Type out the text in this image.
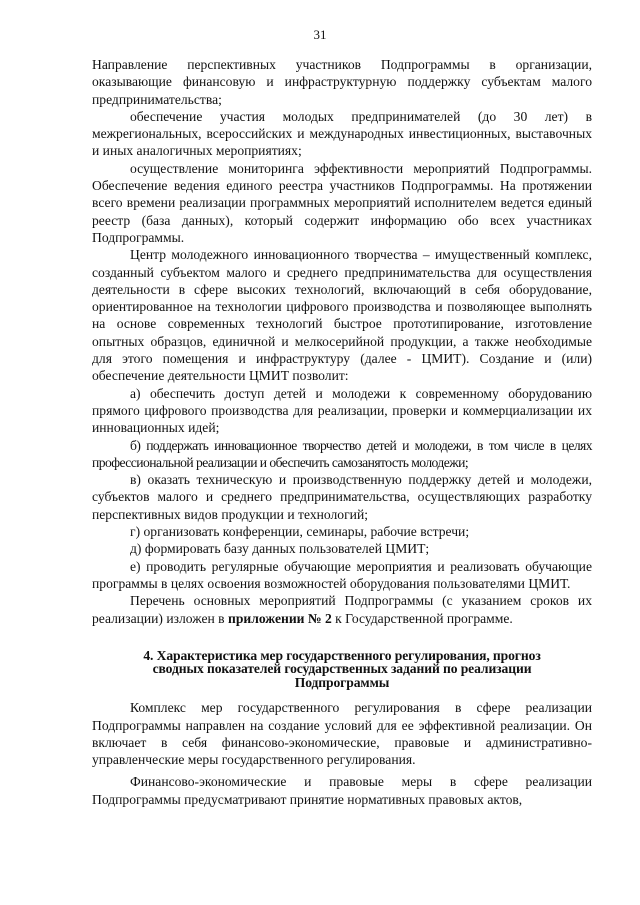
31

Направление перспективных участников Подпрограммы в организации, оказывающие финансовую и инфраструктурную поддержку субъектам малого предпринимательства;

обеспечение участия молодых предпринимателей (до 30 лет) в межрегиональных, всероссийских и международных инвестиционных, выставочных и иных аналогичных мероприятиях;

осуществление мониторинга эффективности мероприятий Подпрограммы. Обеспечение ведения единого реестра участников Подпрограммы. На протяжении всего времени реализации программных мероприятий исполнителем ведется единый реестр (база данных), который содержит информацию обо всех участниках Подпрограммы.

Центр молодежного инновационного творчества – имущественный комплекс, созданный субъектом малого и среднего предпринимательства для осуществления деятельности в сфере высоких технологий, включающий в себя оборудование, ориентированное на технологии цифрового производства и позволяющее выполнять на основе современных технологий быстрое прототипирование, изготовление опытных образцов, единичной и мелкосерийной продукции, а также необходимые для этого помещения и инфраструктуру (далее - ЦМИТ). Создание и (или) обеспечение деятельности ЦМИТ позволит:

а) обеспечить доступ детей и молодежи к современному оборудованию прямого цифрового производства для реализации, проверки и коммерциализации их инновационных идей;

б) поддержать инновационное творчество детей и молодежи, в том числе в целях профессиональной реализации и обеспечить самозанятость молодежи;

в) оказать техническую и производственную поддержку детей и молодежи, субъектов малого и среднего предпринимательства, осуществляющих разработку перспективных видов продукции и технологий;

г) организовать конференции, семинары, рабочие встречи;

д) формировать базу данных пользователей ЦМИТ;

е) проводить регулярные обучающие мероприятия и реализовать обучающие программы в целях освоения возможностей оборудования пользователями ЦМИТ.

Перечень основных мероприятий Подпрограммы (с указанием сроков их реализации) изложен в приложении № 2 к Государственной программе.

4. Характеристика мер государственного регулирования, прогноз
сводных показателей государственных заданий по реализации
Подпрограммы

Комплекс мер государственного регулирования в сфере реализации Подпрограммы направлен на создание условий для ее эффективной реализации. Он включает в себя финансово-экономические, правовые и административно-управленческие меры государственного регулирования.

Финансово-экономические и правовые меры в сфере реализации Подпрограммы предусматривают принятие нормативных правовых актов,
